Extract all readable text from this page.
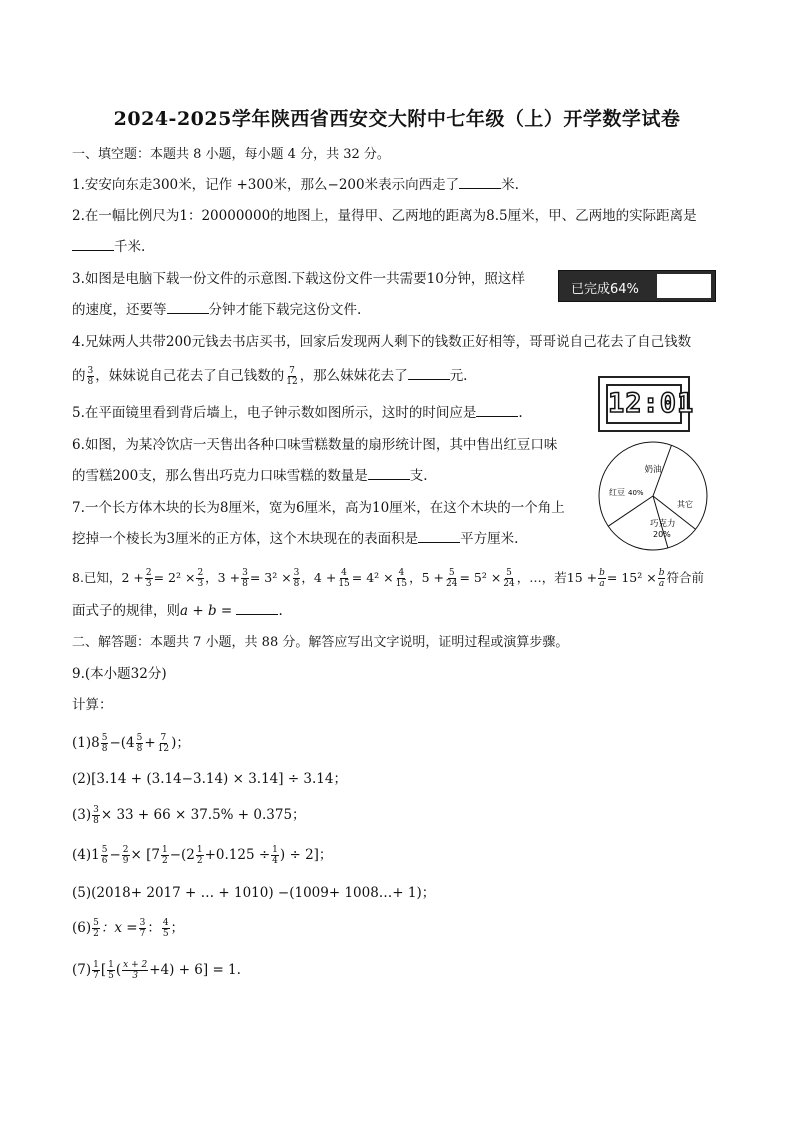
2024-2025学年陕西省西安交大附中七年级（上）开学数学试卷
一、填空题：本题共 8 小题，每小题 4 分，共 32 分。
1.安安向东走300米，记作 +300米，那么−200米表示向西走了	米.
2.在一幅比例尺为1：20000000的地图上，量得甲、乙两地的距离为8.5厘米，甲、乙两地的实际距离是
千米.
3.如图是电脑下载一份文件的示意图.下载这份文件一共需要10分钟，照这样
的速度，还要等	分钟才能下载完这份文件.
已完成64%
4.兄妹两人共带200元钱去书店买书，回家后发现两人剩下的钱数正好相等，哥哥说自己花去了自己钱数
的 $\frac{3}{8}$ ，妹妹说自己花去了自己钱数的 $\frac{7}{12}$ ，那么妹妹花去了	元.
5.在平面镜里看到背后墙上，电子钟示数如图所示，这时的时间应是	.	12:01
6.如图，为某冷饮店一天售出各种口味雪糕数量的扇形统计图，其中售出红豆口味
的雪糕200支，那么售出巧克力口味雪糕的数量是	支.	奶油
红豆 40%
其它
巧克力
20%
7.一个长方体木块的长为8厘米，宽为6厘米，高为10厘米，在这个木块的一个角上
挖掉一个棱长为3厘米的正方体，这个木块现在的表面积是	平方厘米.
8.已知，$2 + \frac{2}{3} = 2^2 \times \frac{2}{3}$ ，$3 + \frac{3}{8} = 3^2 \times \frac{3}{8}$ ，$4 + \frac{4}{15} = 4^2 \times \frac{4}{15}$ ，$5 + \frac{5}{24} = 5^2 \times \frac{5}{24}$ ，…，若$15 + \frac{b}{a} = 15^2 \times \frac{b}{a}$ 符合前
面式子的规律，则a + b =	.
二、解答题：本题共 7 小题，共 88 分。解答应写出文字说明，证明过程或演算步骤。
9.(本小题32分)
计算：
$(1)8 \frac{5}{8} -(4 \frac{5}{8} + \frac{7}{12}$ )；
(2)[3.14 + (3.14−3.14) × 3.14] ÷ 3.14；
$(3) \frac{3}{8} \times 33 + 66 \times 37.5\% + 0.375$；
$(4)1 \frac{5}{6} - \frac{2}{9} \times [7 \frac{1}{2} -(2 \frac{1}{2} +0.125 \div \frac{1}{4}$ ) ÷ 2]；
(5)(2018+ 2017 + … + 1010) −(1009+ 1008…+ 1)；
$(6) \frac{5}{2}$ ：$x = \frac{3}{7}$ ： $\frac{4}{5}$ ；
$(7) \frac{1}{7}$ [ $\frac{1}{5}$ ( $\frac{x + 2}{3} +4) + 6] = 1$.
